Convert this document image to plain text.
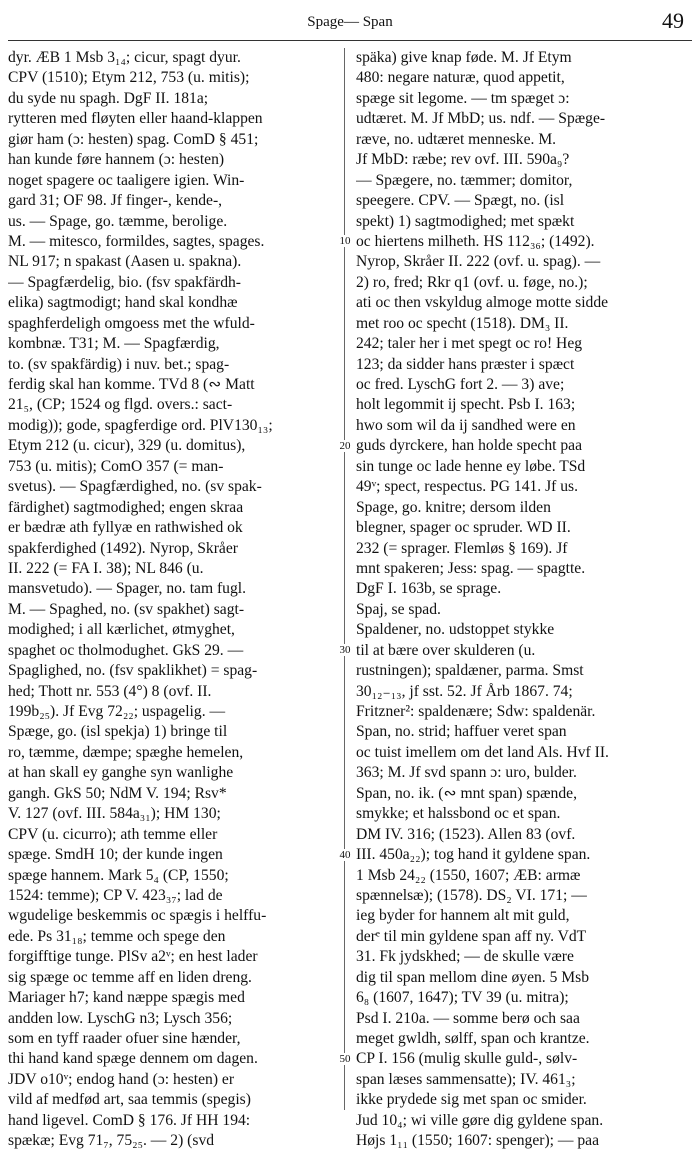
Spage— Span	49
dyr. ÆB 1 Msb 3₁₄; cicur, spagt dyur.
CPV (1510); Etym 212, 753 (u. mitis);
du syde nu spagh. DgF II. 181a;
rytteren med fløyten eller haand-klappen
giør ham (ɔ: hesten) spag. ComD § 451;
han kunde føre hannem (ɔ: hesten)
noget spagere oc taaligere igien. Win-
gard 31; OF 98. Jf finger-, kende-,
us. — Spage, go. tæmme, berolige.
M. — mitesco, formildes, sagtes, spages.
NL 917; n spakast (Aasen u. spakna).
— Spagfærdelig, bio. (fsv spakfärdh-
elika) sagtmodigt; hand skal kondhæ
spaghferdeligh omgoess met the wfuld-
kombnæ. T31; M. — Spagfærdig,
to. (sv spakfärdig) i nuv. bet.; spag-
ferdig skal han komme. TVd 8 (∾ Matt
21₅, (CP; 1524 og flgd. overs.: sact-
modig)); gode, spagferdige ord. PlV130₁₃;
Etym 212 (u. cicur), 329 (u. domitus),
753 (u. mitis); ComO 357 (= man-
svetus). — Spagfærdighed, no. (sv spak-
färdighet) sagtmodighed; engen skraa
er bædræ ath fyllyæ en rathwished ok
spakferdighed (1492). Nyrop, Skråer
II. 222 (= FA I. 38); NL 846 (u.
mansvetudo). — Spager, no. tam fugl.
M. — Spaghed, no. (sv spakhet) sagt-
modighed; i all kærlichet, øtmyghet,
spaghet oc tholmodughet. GkS 29. —
Spaglighed, no. (fsv spaklikhet) = spag-
hed; Thott nr. 553 (4°) 8 (ovf. II.
199b₂₅). Jf Evg 72₂₂; uspagelig. —
Spæge, go. (isl spekja) 1) bringe til
ro, tæmme, dæmpe; spæghe hemelen,
at han skall ey ganghe syn wanlighe
gangh. GkS 50; NdM V. 194; Rsv*
V. 127 (ovf. III. 584a₃₁); HM 130;
CPV (u. cicurro); ath temme eller
spæge. SmdH 10; der kunde ingen
spæge hannem. Mark 5₄ (CP, 1550;
1524: temme); CP V. 423₃₇; lad de
wgudelige beskemmis oc spægis i helffu-
ede. Ps 31₁₈; temme och spege den
forgifftige tunge. PlSv a2ᵛ; en hest lader
sig spæge oc temme aff en liden dreng.
Mariager h7; kand næppe spægis med
andden low. LyschG n3; Lysch 356;
som en tyff raader ofuer sine hænder,
thi hand kand spæge dennem om dagen.
JDV o10ᵛ; endog hand (ɔ: hesten) er
vild af medfød art, saa temmis (spegis)
hand ligevel. ComD § 176. Jf HH 194:
spækæ; Evg 71₇, 75₂₅. — 2) (svd
10
20
30
40
50
späka) give knap føde. M. Jf Etym
480: negare naturæ, quod appetit,
spæge sit legome. — tm spæget ɔ:
udtæret. M. Jf MbD; us. ndf. — Spæge-
ræve, no. udtæret menneske. M.
Jf MbD: ræbe; rev ovf. III. 590a₉?
— Spægere, no. tæmmer; domitor,
speegere. CPV. — Spægt, no. (isl
spekt) 1) sagtmodighed; met spækt
oc hiertens milheth. HS 112₃₆; (1492).
Nyrop, Skråer II. 222 (ovf. u. spag). —
2) ro, fred; Rkr q1 (ovf. u. føge, no.);
ati oc then vskyldug almoge motte sidde
met roo oc specht (1518). DM₃ II.
242; taler her i met spegt oc ro! Heg
123; da sidder hans præster i spæct
oc fred. LyschG fort 2. — 3) ave;
holt legommit ij specht. Psb I. 163;
hwo som wil da ij sandhed were en
guds dyrckere, han holde specht paa
sin tunge oc lade henne ey løbe. TSd
49ᵛ; spect, respectus. PG 141. Jf us.
Spage, go. knitre; dersom ilden
blegner, spager oc spruder. WD II.
232 (= sprager. Flemløs § 169). Jf
mnt spakeren; Jess: spag. — spagtte.
DgF I. 163b, se sprage.
Spaj, se spad.
Spaldener, no. udstoppet stykke
til at bære over skulderen (u.
rustningen); spaldæner, parma. Smst
30₁₂₋₁₃, jf sst. 52. Jf Årb 1867. 74;
Fritzner²: spaldenære; Sdw: spaldenär.
Span, no. strid; haffuer veret span
oc tuist imellem om det land Als. Hvf II.
363; M. Jf svd spann ɔ: uro, bulder.
Span, no. ik. (∾ mnt span) spænde,
smykke; et halssbond oc et span.
DM IV. 316; (1523). Allen 83 (ovf.
III. 450a₂₂); tog hand it gyldene span.
1 Msb 24₂₂ (1550, 1607; ÆB: armæ
spænnelsæ); (1578). DS₂ VI. 171; —
ieg byder for hannem alt mit guld,
derᵉ til min gyldene span aff ny. VdT
31. Fk jydskhed; — de skulle være
dig til span mellom dine øyen. 5 Msb
6₈ (1607, 1647); TV 39 (u. mitra);
Psd I. 210a. — somme berø och saa
meget gwldh, sølff, span och krantze.
CP I. 156 (mulig skulle guld-, sølv-
span læses sammensatte); IV. 461₃;
ikke prydede sig met span oc smider.
Jud 10₄; wi ville gøre dig gyldene span.
Højs 1₁₁ (1550; 1607: spenger); — paa
